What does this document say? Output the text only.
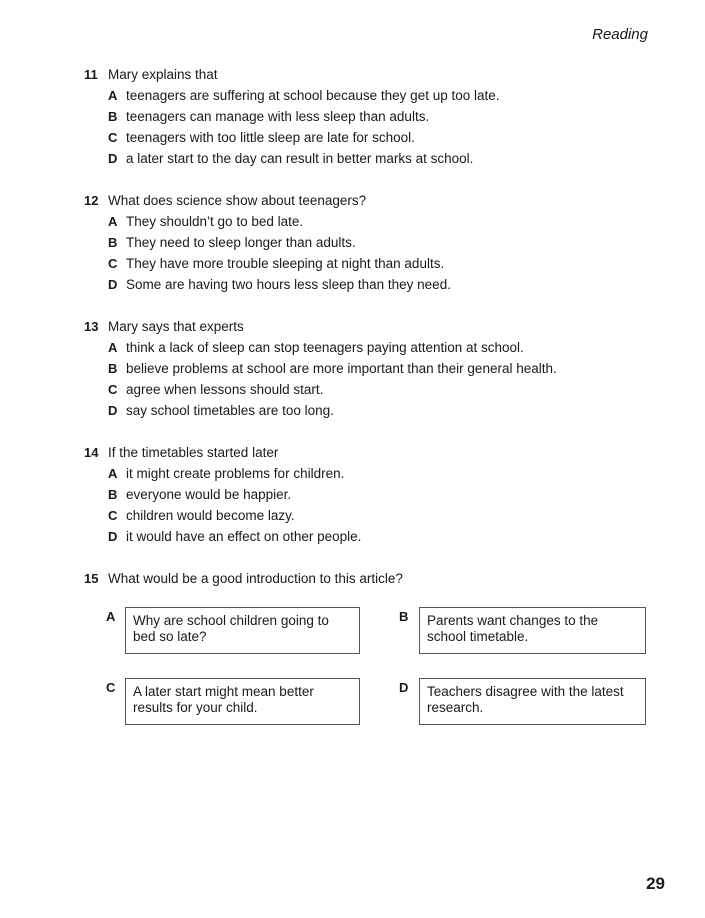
Reading
11 Mary explains that
A teenagers are suffering at school because they get up too late.
B teenagers can manage with less sleep than adults.
C teenagers with too little sleep are late for school.
D a later start to the day can result in better marks at school.
12 What does science show about teenagers?
A They shouldn’t go to bed late.
B They need to sleep longer than adults.
C They have more trouble sleeping at night than adults.
D Some are having two hours less sleep than they need.
13 Mary says that experts
A think a lack of sleep can stop teenagers paying attention at school.
B believe problems at school are more important than their general health.
C agree when lessons should start.
D say school timetables are too long.
14 If the timetables started later
A it might create problems for children.
B everyone would be happier.
C children would become lazy.
D it would have an effect on other people.
15 What would be a good introduction to this article?
A	Why are school children going to bed so late?
B	Parents want changes to the school timetable.
C	A later start might mean better results for your child.
D	Teachers disagree with the latest research.
29
